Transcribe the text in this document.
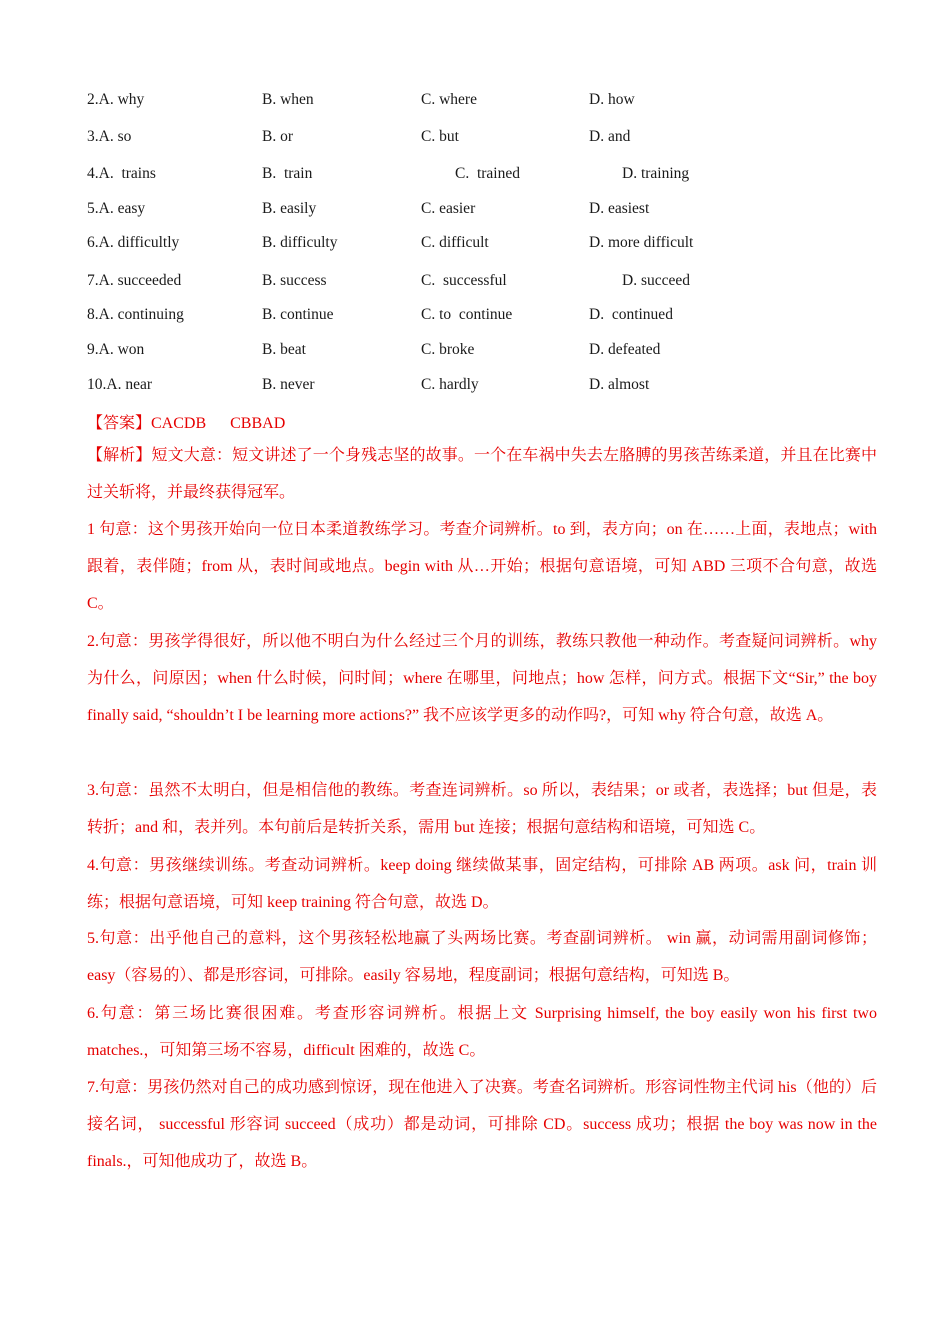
2.A. why	B. when	C. where	D. how
3.A. so	B. or	C. but	D. and
4.A.  trains	B.  train	C.  trained	D. training
5.A. easy	B. easily	C. easier	D. easiest
6.A. difficultly	B. difficulty	C. difficult	D. more difficult
7.A. succeeded	B. success	C.  successful	D. succeed
8.A. continuing	B. continue	C. to  continue	D.  continued
9.A. won	B. beat	C. broke	D. defeated
10.A. near	B. never	C. hardly	D. almost
【答案】CACDB      CBBAD
【解析】短文大意：短文讲述了一个身残志坚的故事。一个在车祸中失去左胳膊的男孩苦练柔道，并且在比赛中过关斩将，并最终获得冠军。
1 句意：这个男孩开始向一位日本柔道教练学习。考查介词辨析。to 到，表方向；on 在……上面，表地点；with 跟着，表伴随；from 从，表时间或地点。begin with 从…开始；根据句意语境，可知 ABD 三项不合句意，故选 C。
2.句意：男孩学得很好，所以他不明白为什么经过三个月的训练，教练只教他一种动作。考查疑问词辨析。why 为什么，问原因；when 什么时候，问时间；where 在哪里，问地点；how 怎样，问方式。根据下文“Sir,” the boy finally said, “shouldn’t I be learning more actions?” 我不应该学更多的动作吗?，可知 why 符合句意，故选 A。
3.句意：虽然不太明白，但是相信他的教练。考查连词辨析。so 所以，表结果；or 或者，表选择；but 但是，表转折；and 和，表并列。本句前后是转折关系，需用 but 连接；根据句意结构和语境，可知选 C。
4.句意：男孩继续训练。考查动词辨析。keep doing 继续做某事，固定结构，可排除 AB 两项。ask 问，train 训练；根据句意语境，可知 keep training 符合句意，故选 D。
5.句意：出乎他自己的意料，这个男孩轻松地赢了头两场比赛。考查副词辨析。 win 赢，动词需用副词修饰；easy（容易的）、都是形容词，可排除。easily 容易地，程度副词；根据句意结构，可知选 B。
6.句意：第三场比赛很困难。考查形容词辨析。根据上文 Surprising himself, the boy easily won his first two matches.，可知第三场不容易，difficult 困难的，故选 C。
7.句意：男孩仍然对自己的成功感到惊讶，现在他进入了决赛。考查名词辨析。形容词性物主代词 his（他的）后接名词， successful 形容词 succeed（成功）都是动词，可排除 CD。success 成功；根据 the boy was now in the finals.，可知他成功了，故选 B。
